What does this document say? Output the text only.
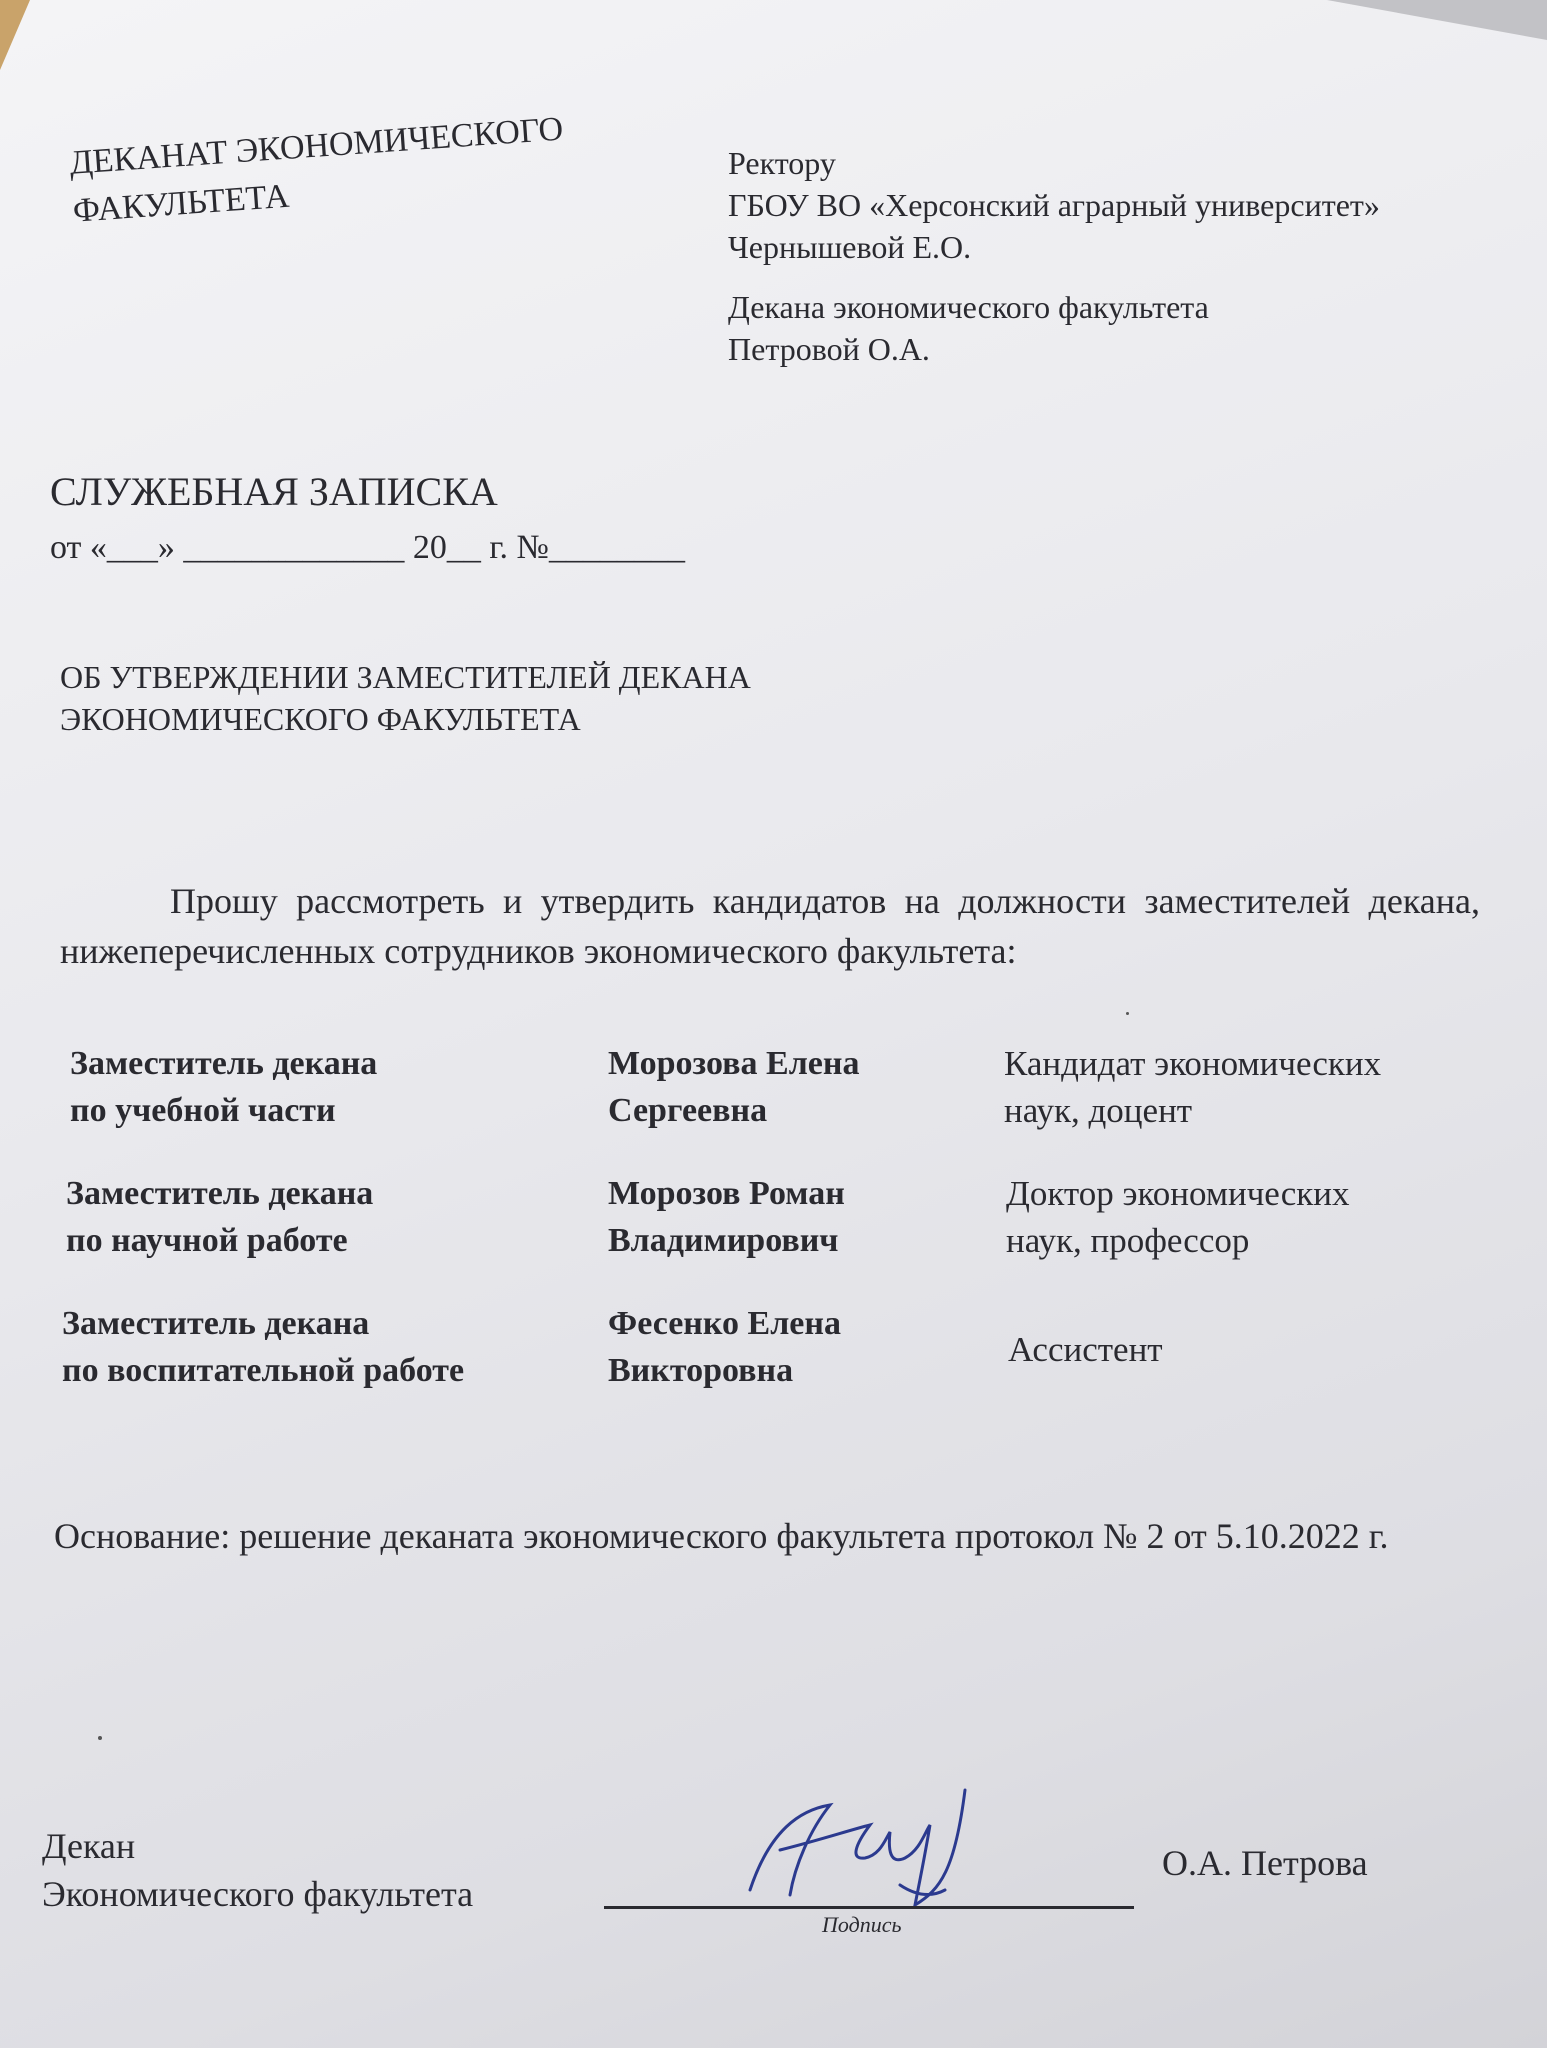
ДЕКАНАТ ЭКОНОМИЧЕСКОГО
ФАКУЛЬТЕТА
Ректору
ГБОУ ВО «Херсонский аграрный университет»
Чернышевой Е.О.
Декана экономического факультета
Петровой О.А.
СЛУЖЕБНАЯ ЗАПИСКА
от «___» _____________ 20__ г. №________
ОБ УТВЕРЖДЕНИИ ЗАМЕСТИТЕЛЕЙ ДЕКАНА
ЭКОНОМИЧЕСКОГО ФАКУЛЬТЕТА
Прошу рассмотреть и утвердить кандидатов на должности заместителей декана, нижеперечисленных сотрудников экономического факультета:
Заместитель декана
по учебной части
Морозова Елена
Сергеевна
Кандидат экономических
наук, доцент
Заместитель декана
по научной работе
Морозов Роман
Владимирович
Доктор экономических
наук, профессор
Заместитель декана
по воспитательной работе
Фесенко Елена
Викторовна
Ассистент
Основание: решение деканата экономического факультета протокол № 2 от 5.10.2022 г.
Декан
Экономического факультета
Подпись
О.А. Петрова
